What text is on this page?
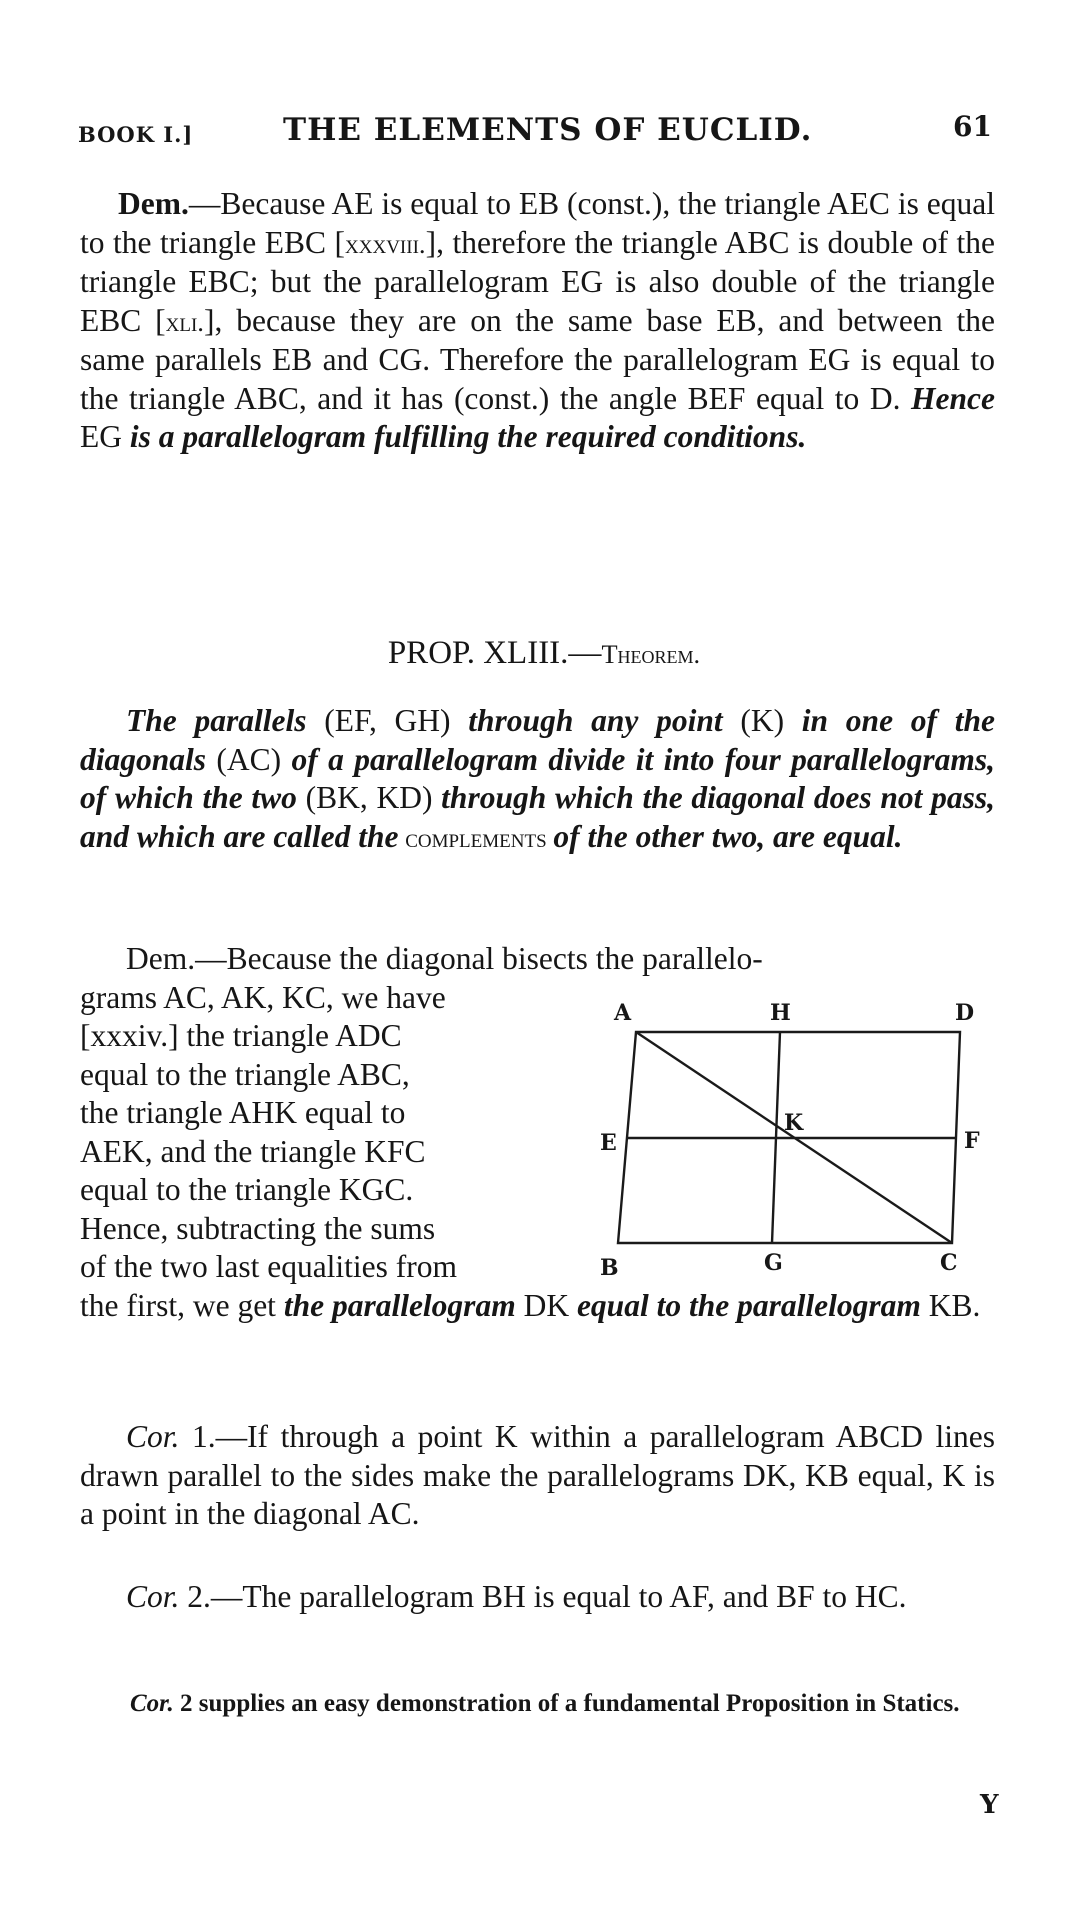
BOOK I.]	THE ELEMENTS OF EUCLID.	61

Dem.—Because AE is equal to EB (const.), the triangle AEC is equal to the triangle EBC [xxxviii.], therefore the triangle ABC is double of the triangle EBC; but the parallelogram EG is also double of the triangle EBC [xli.], because they are on the same base EB, and between the same parallels EB and CG. Therefore the parallelogram EG is equal to the triangle ABC, and it has (const.) the angle BEF equal to D. Hence EG is a parallelogram fulfilling the required conditions.

PROP. XLIII.—Theorem.

The parallels (EF, GH) through any point (K) in one of the diagonals (AC) of a parallelogram divide it into four parallelograms, of which the two (BK, KD) through which the diagonal does not pass, and which are called the complements of the other two, are equal.

Dem.—Because the diagonal bisects the parallelo-
grams AC, AK, KC, we have
[xxxiv.] the triangle ADC
equal to the triangle ABC,
the triangle AHK equal to
AEK, and the triangle KFC
equal to the triangle KGC.
Hence, subtracting the sums
of the two last equalities from

the first, we get the parallelogram DK equal to the parallelogram KB.

A	H	D
E
K
F
B	G	C

Cor. 1.—If through a point K within a parallelogram ABCD lines drawn parallel to the sides make the parallelograms DK, KB equal, K is a point in the diagonal AC.

Cor. 2.—The parallelogram BH is equal to AF, and BF to HC.

Cor. 2 supplies an easy demonstration of a fundamental Proposition in Statics.
Y
